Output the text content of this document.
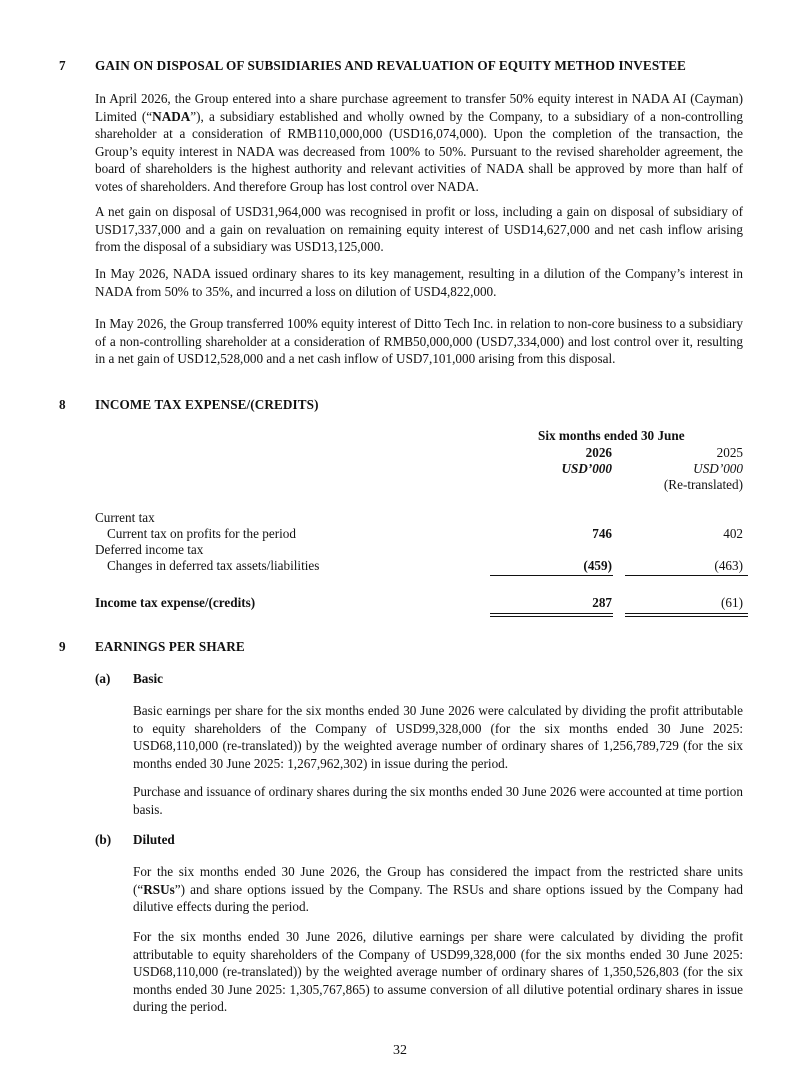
7 GAIN ON DISPOSAL OF SUBSIDIARIES AND REVALUATION OF EQUITY METHOD INVESTEE

In April 2026, the Group entered into a share purchase agreement to transfer 50% equity interest in NADA AI (Cayman) Limited (“NADA”), a subsidiary established and wholly owned by the Company, to a subsidiary of a non-controlling shareholder at a consideration of RMB110,000,000 (USD16,074,000). Upon the completion of the transaction, the Group’s equity interest in NADA was decreased from 100% to 50%. Pursuant to the revised shareholder agreement, the board of shareholders is the highest authority and relevant activities of NADA shall be approved by more than half of votes of shareholders. And therefore Group has lost control over NADA.

A net gain on disposal of USD31,964,000 was recognised in profit or loss, including a gain on disposal of subsidiary of USD17,337,000 and a gain on revaluation on remaining equity interest of USD14,627,000 and net cash inflow arising from the disposal of a subsidiary was USD13,125,000.

In May 2026, NADA issued ordinary shares to its key management, resulting in a dilution of the Company’s interest in NADA from 50% to 35%, and incurred a loss on dilution of USD4,822,000.

In May 2026, the Group transferred 100% equity interest of Ditto Tech Inc. in relation to non-core business to a subsidiary of a non-controlling shareholder at a consideration of RMB50,000,000 (USD7,334,000) and lost control over it, resulting in a net gain of USD12,528,000 and a net cash inflow of USD7,101,000 arising from this disposal.

8 INCOME TAX EXPENSE/(CREDITS)
Six months ended 30 June
2026	2025
USD’000	USD’000
(Re-translated)
Current tax
Current tax on profits for the period	746	402
Deferred income tax
Changes in deferred tax assets/liabilities	(459)	(463)
Income tax expense/(credits)	287	(61)
9 EARNINGS PER SHARE
(a) Basic

Basic earnings per share for the six months ended 30 June 2026 were calculated by dividing the profit attributable to equity shareholders of the Company of USD99,328,000 (for the six months ended 30 June 2025: USD68,110,000 (re-translated)) by the weighted average number of ordinary shares of 1,256,789,729 (for the six months ended 30 June 2025: 1,267,962,302) in issue during the period.

Purchase and issuance of ordinary shares during the six months ended 30 June 2026 were accounted at time portion basis.

(b) Diluted

For the six months ended 30 June 2026, the Group has considered the impact from the restricted share units (“RSUs”) and share options issued by the Company. The RSUs and share options issued by the Company had dilutive effects during the period.

For the six months ended 30 June 2026, dilutive earnings per share were calculated by dividing the profit attributable to equity shareholders of the Company of USD99,328,000 (for the six months ended 30 June 2025: USD68,110,000 (re-translated)) by the weighted average number of ordinary shares of 1,350,526,803 (for the six months ended 30 June 2025: 1,305,767,865) to assume conversion of all dilutive potential ordinary shares in issue during the period.

32
